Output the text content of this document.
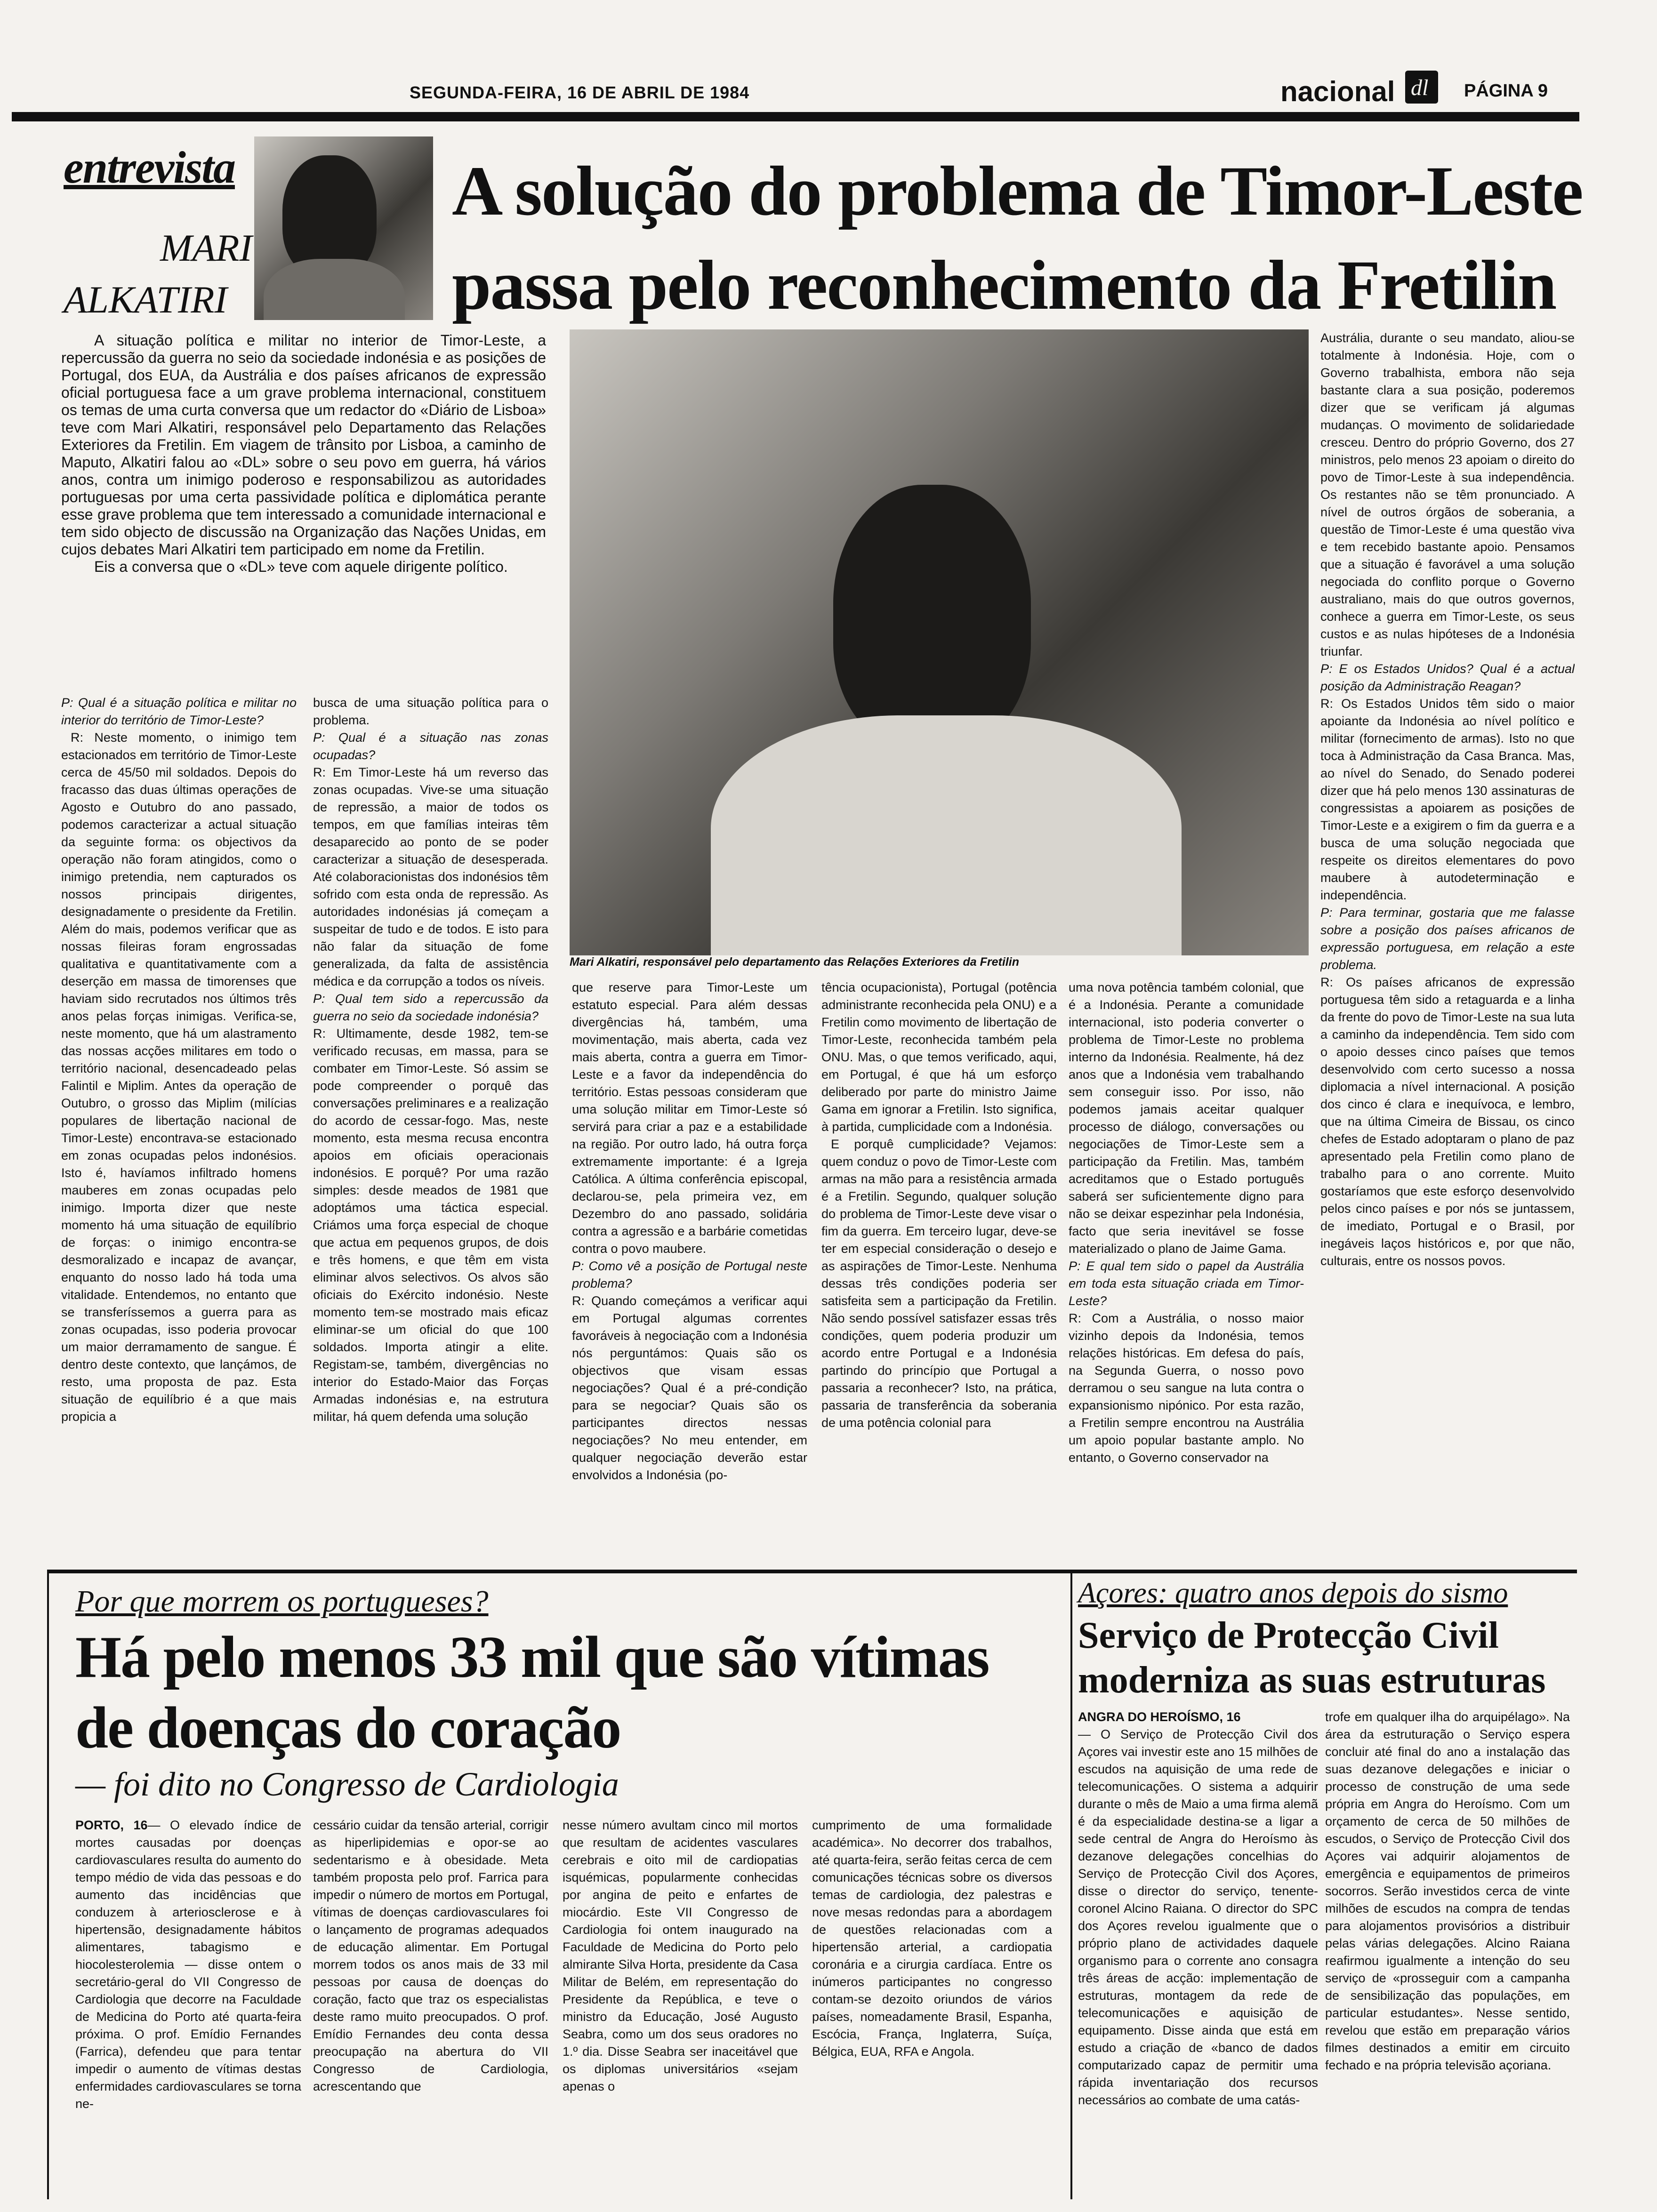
SEGUNDA-FEIRA, 16 DE ABRIL DE 1984	nacional dl PÁGINA 9
entrevista
MARI
ALKATIRI
A solução do problema de Timor-Leste
passa pelo reconhecimento da Fretilin

A situação política e militar no interior de Timor-Leste, a repercussão da guerra no seio da sociedade indonésia e as posições de Portugal, dos EUA, da Austrália e dos países africanos de expressão oficial portuguesa face a um grave problema internacional, constituem os temas de uma curta conversa que um redactor do «Diário de Lisboa» teve com Mari Alkatiri, responsável pelo Departamento das Relações Exteriores da Fretilin. Em viagem de trânsito por Lisboa, a caminho de Maputo, Alkatiri falou ao «DL» sobre o seu povo em guerra, há vários anos, contra um inimigo poderoso e responsabilizou as autoridades portuguesas por uma certa passividade política e diplomática perante esse grave problema que tem interessado a comunidade internacional e tem sido objecto de discussão na Organização das Nações Unidas, em cujos debates Mari Alkatiri tem participado em nome da Fretilin.

Eis a conversa que o «DL» teve com aquele dirigente político.

Mari Alkatiri, responsável pelo departamento das Relações Exteriores da Fretilin

P: Qual é a situação política e militar no interior do território de Timor-Leste?

R: Neste momento, o inimigo tem estacionados em território de Timor-Leste cerca de 45/50 mil soldados. Depois do fracasso das duas últimas operações de Agosto e Outubro do ano passado, podemos caracterizar a actual situação da seguinte forma: os objectivos da operação não foram atingidos, como o inimigo pretendia, nem capturados os nossos principais dirigentes, designadamente o presidente da Fretilin. Além do mais, podemos verificar que as nossas fileiras foram engrossadas qualitativa e quantitativamente com a deserção em massa de timorenses que haviam sido recrutados nos últimos três anos pelas forças inimigas. Verifica-se, neste momento, que há um alastramento das nossas acções militares em todo o território nacional, desencadeado pelas Falintil e Miplim. Antes da operação de Outubro, o grosso das Miplim (milícias populares de libertação nacional de Timor-Leste) encontrava-se estacionado em zonas ocupadas pelos indonésios. Isto é, havíamos infiltrado homens mauberes em zonas ocupadas pelo inimigo. Importa dizer que neste momento há uma situação de equilíbrio de forças: o inimigo encontra-se desmoralizado e incapaz de avançar, enquanto do nosso lado há toda uma vitalidade. Entendemos, no entanto que se transferíssemos a guerra para as zonas ocupadas, isso poderia provocar um maior derramamento de sangue. É dentro deste contexto, que lançámos, de resto, uma proposta de paz. Esta situação de equilíbrio é a que mais propicia a

busca de uma situação política para o problema.

P: Qual é a situação nas zonas ocupadas?

R: Em Timor-Leste há um reverso das zonas ocupadas. Vive-se uma situação de repressão, a maior de todos os tempos, em que famílias inteiras têm desaparecido ao ponto de se poder caracterizar a situação de desesperada. Até colaboracionistas dos indonésios têm sofrido com esta onda de repressão. As autoridades indonésias já começam a suspeitar de tudo e de todos. E isto para não falar da situação de fome generalizada, da falta de assistência médica e da corrupção a todos os níveis.

P: Qual tem sido a repercussão da guerra no seio da sociedade indonésia?

R: Ultimamente, desde 1982, tem-se verificado recusas, em massa, para se combater em Timor-Leste. Só assim se pode compreender o porquê das conversações preliminares e a realização do acordo de cessar-fogo. Mas, neste momento, esta mesma recusa encontra apoios em oficiais operacionais indonésios. E porquê? Por uma razão simples: desde meados de 1981 que adoptámos uma táctica especial. Criámos uma força especial de choque que actua em pequenos grupos, de dois e três homens, e que têm em vista eliminar alvos selectivos. Os alvos são oficiais do Exército indonésio. Neste momento tem-se mostrado mais eficaz eliminar-se um oficial do que 100 soldados. Importa atingir a elite. Registam-se, também, divergências no interior do Estado-Maior das Forças Armadas indonésias e, na estrutura militar, há quem defenda uma solução

que reserve para Timor-Leste um estatuto especial. Para além dessas divergências há, também, uma movimentação, mais aberta, cada vez mais aberta, contra a guerra em Timor-Leste e a favor da independência do território. Estas pessoas consideram que uma solução militar em Timor-Leste só servirá para criar a paz e a estabilidade na região. Por outro lado, há outra força extremamente importante: é a Igreja Católica. A última conferência episcopal, declarou-se, pela primeira vez, em Dezembro do ano passado, solidária contra a agressão e a barbárie cometidas contra o povo maubere.

P: Como vê a posição de Portugal neste problema?

R: Quando começámos a verificar aqui em Portugal algumas correntes favoráveis à negociação com a Indonésia nós perguntámos: Quais são os objectivos que visam essas negociações? Qual é a pré-condição para se negociar? Quais são os participantes directos nessas negociações? No meu entender, em qualquer negociação deverão estar envolvidos a Indonésia (po-

tência ocupacionista), Portugal (potência administrante reconhecida pela ONU) e a Fretilin como movimento de libertação de Timor-Leste, reconhecida também pela ONU. Mas, o que temos verificado, aqui, em Portugal, é que há um esforço deliberado por parte do ministro Jaime Gama em ignorar a Fretilin. Isto significa, à partida, cumplicidade com a Indonésia.

E porquê cumplicidade? Vejamos: quem conduz o povo de Timor-Leste com armas na mão para a resistência armada é a Fretilin. Segundo, qualquer solução do problema de Timor-Leste deve visar o fim da guerra. Em terceiro lugar, deve-se ter em especial consideração o desejo e as aspirações de Timor-Leste. Nenhuma dessas três condições poderia ser satisfeita sem a participação da Fretilin. Não sendo possível satisfazer essas três condições, quem poderia produzir um acordo entre Portugal e a Indonésia partindo do princípio que Portugal a passaria a reconhecer? Isto, na prática, passaria de transferência da soberania de uma potência colonial para

uma nova potência também colonial, que é a Indonésia. Perante a comunidade internacional, isto poderia converter o problema de Timor-Leste no problema interno da Indonésia. Realmente, há dez anos que a Indonésia vem trabalhando sem conseguir isso. Por isso, não podemos jamais aceitar qualquer processo de diálogo, conversações ou negociações de Timor-Leste sem a participação da Fretilin. Mas, também acreditamos que o Estado português saberá ser suficientemente digno para não se deixar espezinhar pela Indonésia, facto que seria inevitável se fosse materializado o plano de Jaime Gama.

P: E qual tem sido o papel da Austrália em toda esta situação criada em Timor-Leste?

R: Com a Austrália, o nosso maior vizinho depois da Indonésia, temos relações históricas. Em defesa do país, na Segunda Guerra, o nosso povo derramou o seu sangue na luta contra o expansionismo nipónico. Por esta razão, a Fretilin sempre encontrou na Austrália um apoio popular bastante amplo. No entanto, o Governo conservador na

Austrália, durante o seu mandato, aliou-se totalmente à Indonésia. Hoje, com o Governo trabalhista, embora não seja bastante clara a sua posição, poderemos dizer que se verificam já algumas mudanças. O movimento de solidariedade cresceu. Dentro do próprio Governo, dos 27 ministros, pelo menos 23 apoiam o direito do povo de Timor-Leste à sua independência. Os restantes não se têm pronunciado. A nível de outros órgãos de soberania, a questão de Timor-Leste é uma questão viva e tem recebido bastante apoio. Pensamos que a situação é favorável a uma solução negociada do conflito porque o Governo australiano, mais do que outros governos, conhece a guerra em Timor-Leste, os seus custos e as nulas hipóteses de a Indonésia triunfar.

P: E os Estados Unidos? Qual é a actual posição da Administração Reagan?

R: Os Estados Unidos têm sido o maior apoiante da Indonésia ao nível político e militar (fornecimento de armas). Isto no que toca à Administração da Casa Branca. Mas, ao nível do Senado, do Senado poderei dizer que há pelo menos 130 assinaturas de congressistas a apoiarem as posições de Timor-Leste e a exigirem o fim da guerra e a busca de uma solução negociada que respeite os direitos elementares do povo maubere à autodeterminação e independência.

P: Para terminar, gostaria que me falasse sobre a posição dos países africanos de expressão portuguesa, em relação a este problema.

R: Os países africanos de expressão portuguesa têm sido a retaguarda e a linha da frente do povo de Timor-Leste na sua luta a caminho da independência. Tem sido com o apoio desses cinco países que temos desenvolvido com certo sucesso a nossa diplomacia a nível internacional. A posição dos cinco é clara e inequívoca, e lembro, que na última Cimeira de Bissau, os cinco chefes de Estado adoptaram o plano de paz apresentado pela Fretilin como plano de trabalho para o ano corrente. Muito gostaríamos que este esforço desenvolvido pelos cinco países e por nós se juntassem, de imediato, Portugal e o Brasil, por inegáveis laços históricos e, por que não, culturais, entre os nossos povos.

Por que morrem os portugueses?
Há pelo menos 33 mil que são vítimas
de doenças do coração
— foi dito no Congresso de Cardiologia

PORTO, 16— O elevado índice de mortes causadas por doenças cardiovasculares resulta do aumento do tempo médio de vida das pessoas e do aumento das incidências que conduzem à arteriosclerose e à hipertensão, designadamente hábitos alimentares, tabagismo e hiocolesterolemia — disse ontem o secretário-geral do VII Congresso de Cardiologia que decorre na Faculdade de Medicina do Porto até quarta-feira próxima. O prof. Emídio Fernandes (Farrica), defendeu que para tentar impedir o aumento de vítimas destas enfermidades cardiovasculares se torna ne-

cessário cuidar da tensão arterial, corrigir as hiperlipidemias e opor-se ao sedentarismo e à obesidade. Meta também proposta pelo prof. Farrica para impedir o número de mortos em Portugal, vítimas de doenças cardiovasculares foi o lançamento de programas adequados de educação alimentar. Em Portugal morrem todos os anos mais de 33 mil pessoas por causa de doenças do coração, facto que traz os especialistas deste ramo muito preocupados. O prof. Emídio Fernandes deu conta dessa preocupação na abertura do VII Congresso de Cardiologia, acrescentando que

nesse número avultam cinco mil mortos que resultam de acidentes vasculares cerebrais e oito mil de cardiopatias isquémicas, popularmente conhecidas por angina de peito e enfartes de miocárdio. Este VII Congresso de Cardiologia foi ontem inaugurado na Faculdade de Medicina do Porto pelo almirante Silva Horta, presidente da Casa Militar de Belém, em representação do Presidente da República, e teve o ministro da Educação, José Augusto Seabra, como um dos seus oradores no 1.º dia. Disse Seabra ser inaceitável que os diplomas universitários «sejam apenas o

cumprimento de uma formalidade académica». No decorrer dos trabalhos, até quarta-feira, serão feitas cerca de cem comunicações técnicas sobre os diversos temas de cardiologia, dez palestras e nove mesas redondas para a abordagem de questões relacionadas com a hipertensão arterial, a cardiopatia coronária e a cirurgia cardíaca. Entre os inúmeros participantes no congresso contam-se dezoito oriundos de vários países, nomeadamente Brasil, Espanha, Escócia, França, Inglaterra, Suíça, Bélgica, EUA, RFA e Angola.

Açores: quatro anos depois do sismo
Serviço de Protecção Civil
moderniza as suas estruturas

ANGRA DO HEROÍSMO, 16
— O Serviço de Protecção Civil dos Açores vai investir este ano 15 milhões de escudos na aquisição de uma rede de telecomunicações. O sistema a adquirir durante o mês de Maio a uma firma alemã é da especialidade destina-se a ligar a sede central de Angra do Heroísmo às dezanove delegações concelhias do Serviço de Protecção Civil dos Açores, disse o director do serviço, tenente-coronel Alcino Raiana. O director do SPC dos Açores revelou igualmente que o próprio plano de actividades daquele organismo para o corrente ano consagra três áreas de acção: implementação de estruturas, montagem da rede de telecomunicações e aquisição de equipamento. Disse ainda que está em estudo a criação de «banco de dados computarizado capaz de permitir uma rápida inventariação dos recursos necessários ao combate de uma catás-

trofe em qualquer ilha do arquipélago». Na área da estruturação o Serviço espera concluir até final do ano a instalação das suas dezanove delegações e iniciar o processo de construção de uma sede própria em Angra do Heroísmo. Com um orçamento de cerca de 50 milhões de escudos, o Serviço de Protecção Civil dos Açores vai adquirir alojamentos de emergência e equipamentos de primeiros socorros. Serão investidos cerca de vinte milhões de escudos na compra de tendas para alojamentos provisórios a distribuir pelas várias delegações. Alcino Raiana reafirmou igualmente a intenção do seu serviço de «prosseguir com a campanha de sensibilização das populações, em particular estudantes». Nesse sentido, revelou que estão em preparação vários filmes destinados a emitir em circuito fechado e na própria televisão açoriana.
